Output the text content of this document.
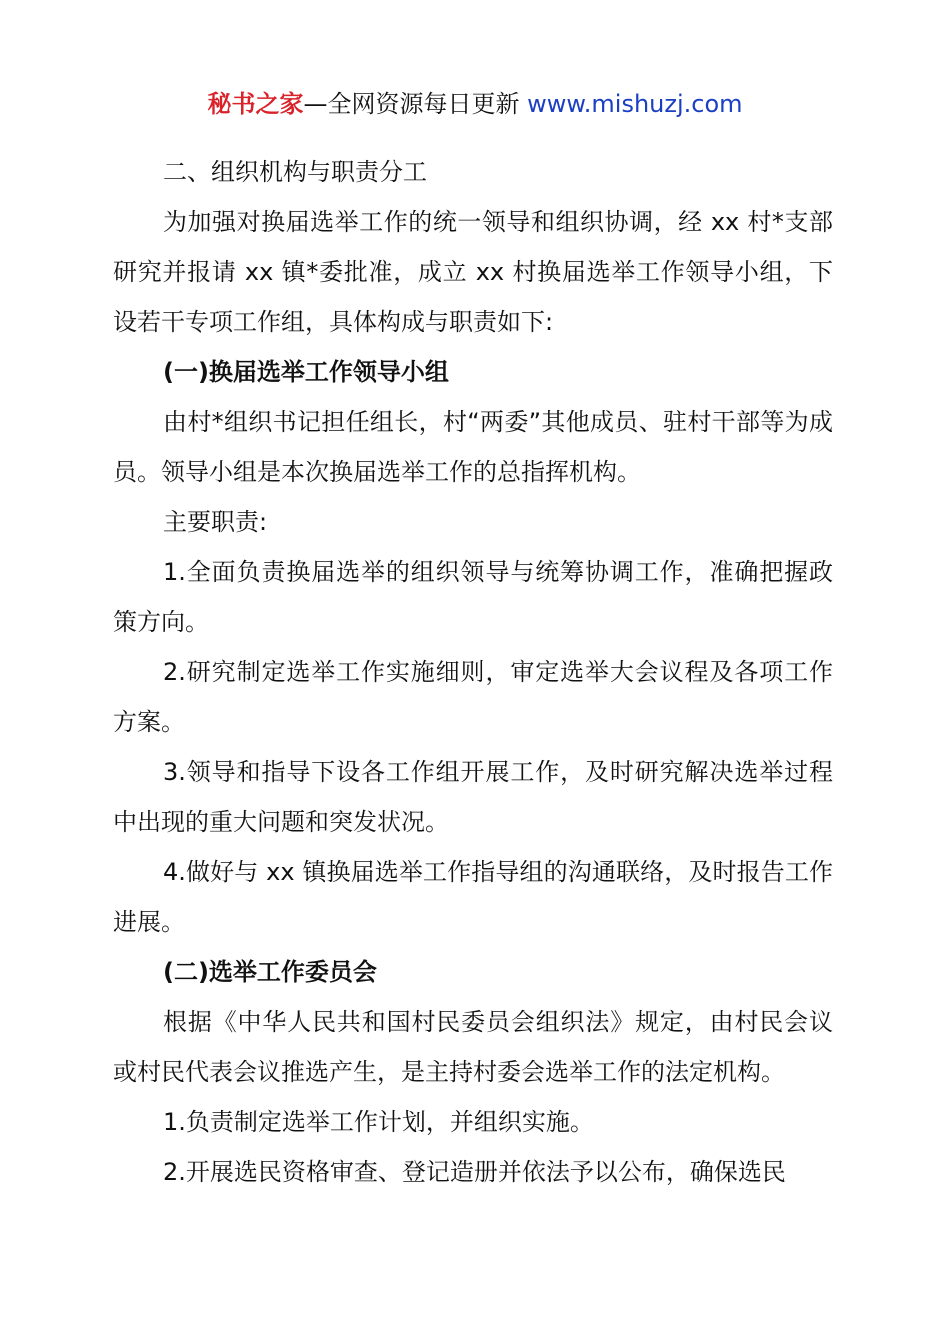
秘书之家—全网资源每日更新 www.mishuzj.com

二、组织机构与职责分工

为加强对换届选举工作的统一领导和组织协调，经 xx 村*支部研究并报请 xx 镇*委批准，成立 xx 村换届选举工作领导小组，下设若干专项工作组，具体构成与职责如下:

(一)换届选举工作领导小组

由村*组织书记担任组长，村“两委”其他成员、驻村干部等为成员。领导小组是本次换届选举工作的总指挥机构。

主要职责:

1.全面负责换届选举的组织领导与统筹协调工作，准确把握政策方向。

2.研究制定选举工作实施细则，审定选举大会议程及各项工作方案。

3.领导和指导下设各工作组开展工作，及时研究解决选举过程中出现的重大问题和突发状况。

4.做好与 xx 镇换届选举工作指导组的沟通联络，及时报告工作进展。

(二)选举工作委员会

根据《中华人民共和国村民委员会组织法》规定，由村民会议或村民代表会议推选产生，是主持村委会选举工作的法定机构。

1.负责制定选举工作计划，并组织实施。

2.开展选民资格审查、登记造册并依法予以公布，确保选民
